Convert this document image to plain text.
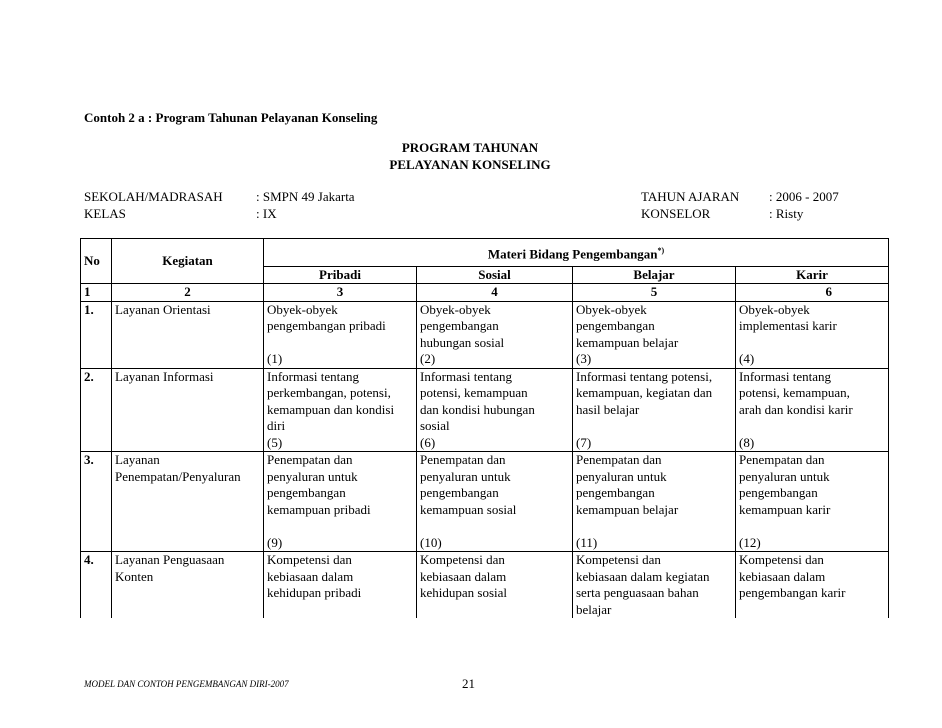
Contoh 2 a : Program Tahunan Pelayanan Konseling
PROGRAM TAHUNAN
PELAYANAN KONSELING
SEKOLAH/MADRASAH	: SMPN 49 Jakarta
KELAS	: IX
TAHUN AJARAN : 2006 - 2007
KONSELOR	: Risty
No	Kegiatan	Materi Bidang Pengembangan*)
		Pribadi	Sosial	Belajar	Karir
1	2	3	4	5	6
1.	Layanan Orientasi	Obyek-obyek
pengembangan pribadi
(1)	Obyek-obyek
pengembangan
hubungan sosial
(2)	Obyek-obyek
pengembangan
kemampuan belajar
(3)	Obyek-obyek
implementasi karir
(4)

2.	Layanan Informasi	Informasi tentang
perkembangan, potensi,
kemampuan dan kondisi
diri
(5)	Informasi tentang
potensi, kemampuan
dan kondisi hubungan
sosial
(6)	Informasi tentang potensi,
kemampuan, kegiatan dan
hasil belajar
(7)	Informasi tentang
potensi, kemampuan,
arah dan kondisi karir
(8)

3.	Layanan
Penempatan/Penyaluran	Penempatan dan
penyaluran untuk
pengembangan
kemampuan pribadi
(9)	Penempatan dan
penyaluran untuk
pengembangan
kemampuan sosial
(10)	Penempatan dan
penyaluran untuk
pengembangan
kemampuan belajar
(11)	Penempatan dan
penyaluran untuk
pengembangan
kemampuan karir
(12)

4.	Layanan Penguasaan
Konten	Kompetensi dan
kebiasaan dalam
kehidupan pribadi	Kompetensi dan
kebiasaan dalam
kehidupan sosial	Kompetensi dan
kebiasaan dalam kegiatan
serta penguasaan bahan
belajar	Kompetensi dan
kebiasaan dalam
pengembangan karir
MODEL DAN CONTOH PENGEMBANGAN DIRI-2007	21
